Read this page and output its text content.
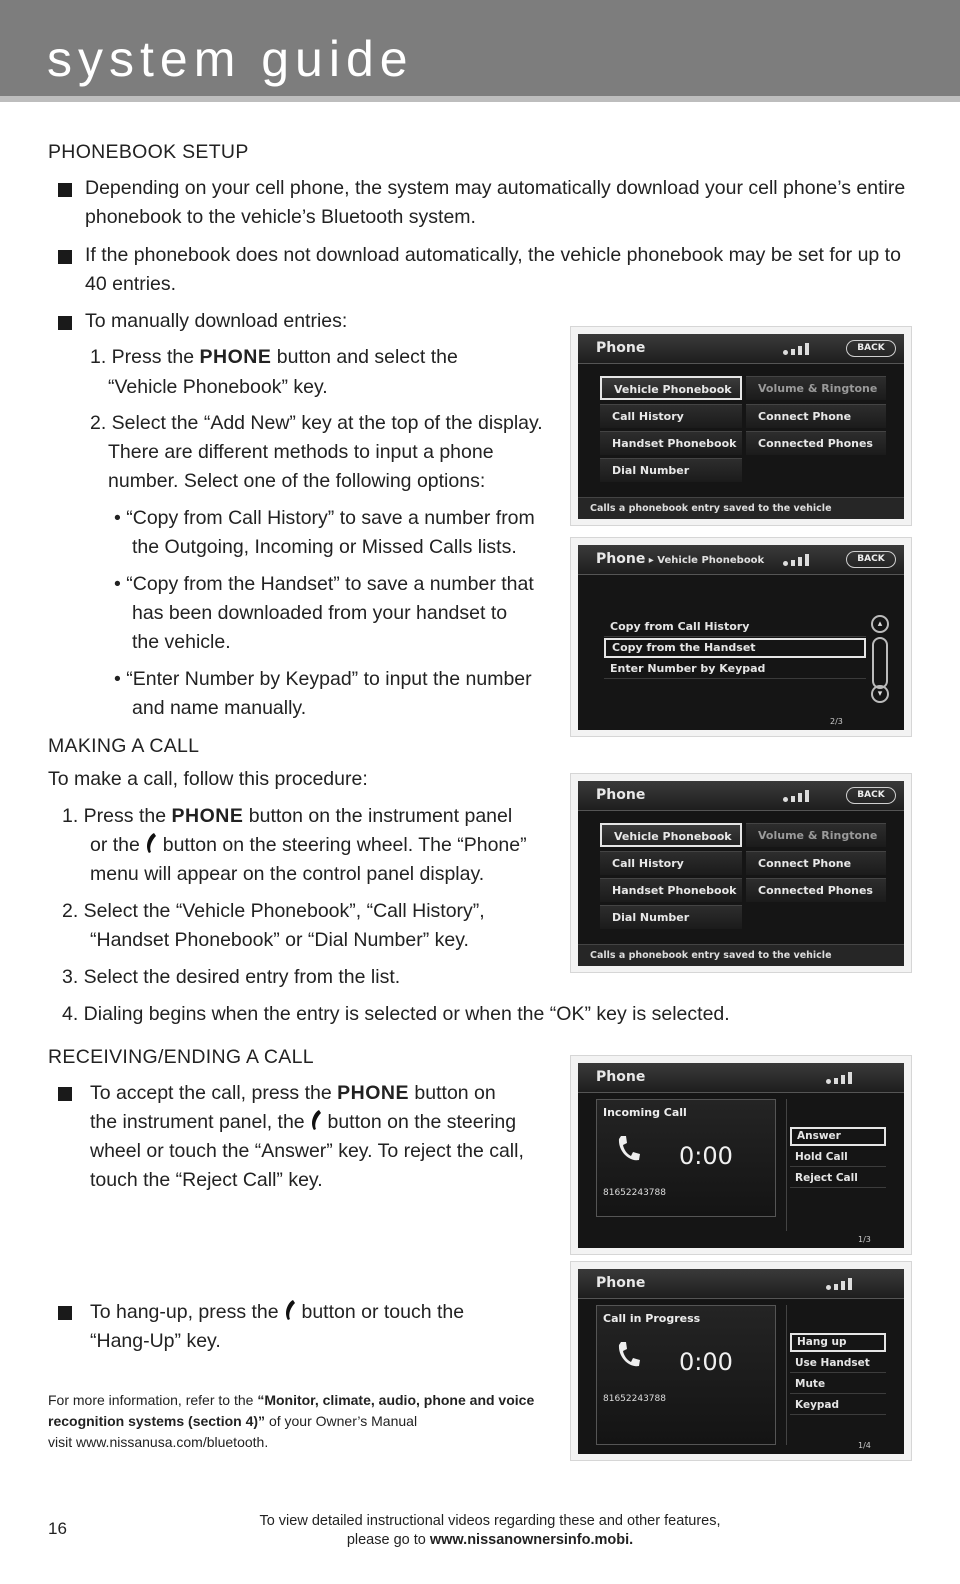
system guide
PHONEBOOK SETUP
Depending on your cell phone, the system may automatically download your cell phone’s entire phonebook to the vehicle’s Bluetooth system.
If the phonebook does not download automatically, the vehicle phonebook may be set for up to
40 entries.
To manually download entries:
1. Press the PHONE button and select the
“Vehicle Phonebook” key.
2. Select the “Add New” key at the top of the display.
There are different methods to input a phone
number. Select one of the following options:
• “Copy from Call History” to save a number from
the Outgoing, Incoming or Missed Calls lists.
• “Copy from the Handset” to save a number that
has been downloaded from your handset to
the vehicle.
• “Enter Number by Keypad” to input the number
and name manually.
MAKING A CALL
To make a call, follow this procedure:
1. Press the PHONE button on the instrument panel
or the button on the steering wheel. The “Phone”
menu will appear on the control panel display.
2. Select the “Vehicle Phonebook”, “Call History”,
“Handset Phonebook” or “Dial Number” key.
3. Select the desired entry from the list.
4. Dialing begins when the entry is selected or when the “OK” key is selected.
RECEIVING/ENDING A CALL
To accept the call, press the PHONE button on
the instrument panel, the button on the steering
wheel or touch the “Answer” key. To reject the call,
touch the “Reject Call” key.
To hang-up, press the button or touch the
“Hang-Up” key.
For more information, refer to the “Monitor, climate, audio, phone and voice recognition systems (section 4)” of your Owner’s Manual
visit www.nissanusa.com/bluetooth.
16	To view detailed instructional videos regarding these and other features,
please go to www.nissanownersinfo.mobi.
Phone	BACK
Vehicle Phonebook
Call History
Handset Phonebook
Dial Number
Volume & Ringtone
Connect Phone
Connected Phones
Calls a phonebook entry saved to the vehicle
Phone ▸ Vehicle Phonebook	BACK
Copy from Call History
Copy from the Handset
Enter Number by Keypad
▴
▾
2/3
Phone	BACK
Vehicle Phonebook
Call History
Handset Phonebook
Dial Number
Volume & Ringtone
Connect Phone
Connected Phones
Calls a phonebook entry saved to the vehicle
Phone
Incoming Call
0:00
81652243788
Answer
Hold Call
Reject Call
1/3
Phone
Call in Progress
0:00
81652243788
Hang up
Use Handset
Mute
Keypad
1/4
